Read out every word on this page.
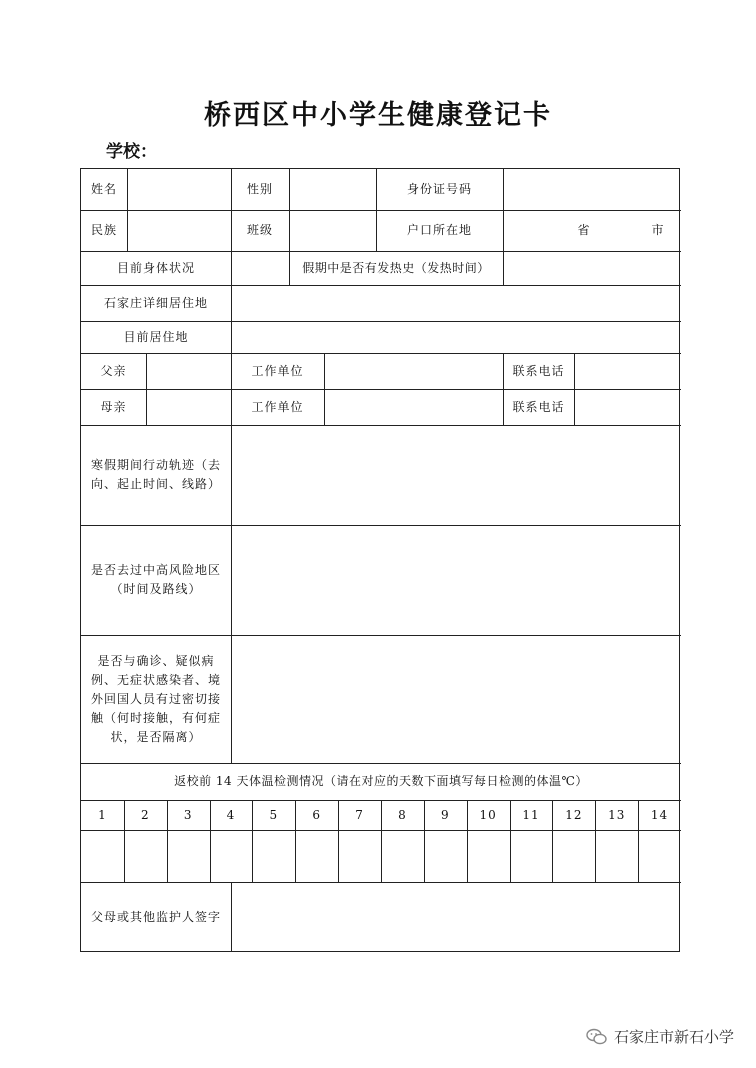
桥西区中小学生健康登记卡
学校：
姓名	性别	身份证号码
民族	班级	户口所在地	省	市
目前身体状况	假期中是否有发热史（发热时间）
石家庄详细居住地
目前居住地
父亲	工作单位	联系电话
母亲	工作单位	联系电话
寒假期间行动轨迹（去向、起止时间、线路）
是否去过中高风险地区（时间及路线）
是否与确诊、疑似病例、无症状感染者、境外回国人员有过密切接触（何时接触，有何症状，是否隔离）
返校前 14 天体温检测情况（请在对应的天数下面填写每日检测的体温℃）
1	2	3	4	5	6	7	8	9	10	11	12	13	14
父母或其他监护人签字
石家庄市新石小学
